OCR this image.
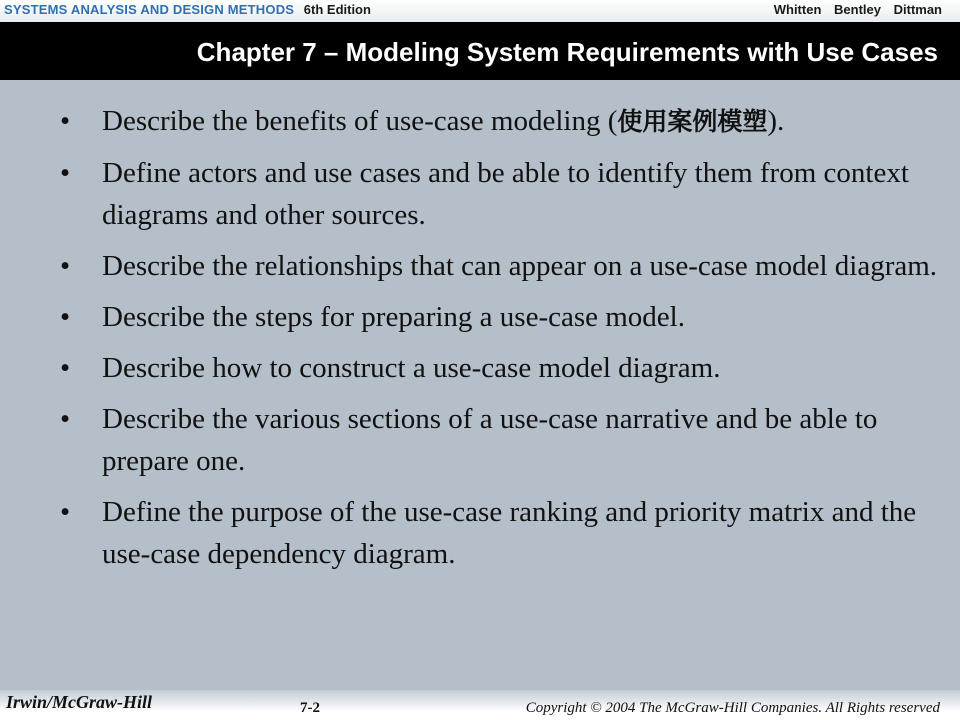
SYSTEMS ANALYSIS AND DESIGN METHODS 6th Edition	Whitten Bentley Dittman
Chapter 7 – Modeling System Requirements with Use Cases
• Describe the benefits of use-case modeling (使用案例模塑).
• Define actors and use cases and be able to identify them from context diagrams and other sources.
• Describe the relationships that can appear on a use-case model diagram.
• Describe the steps for preparing a use-case model.
• Describe how to construct a use-case model diagram.
• Describe the various sections of a use-case narrative and be able to prepare one.
• Define the purpose of the use-case ranking and priority matrix and the use-case dependency diagram.
Irwin/McGraw-Hill	7-2	Copyright © 2004 The McGraw-Hill Companies. All Rights reserved
